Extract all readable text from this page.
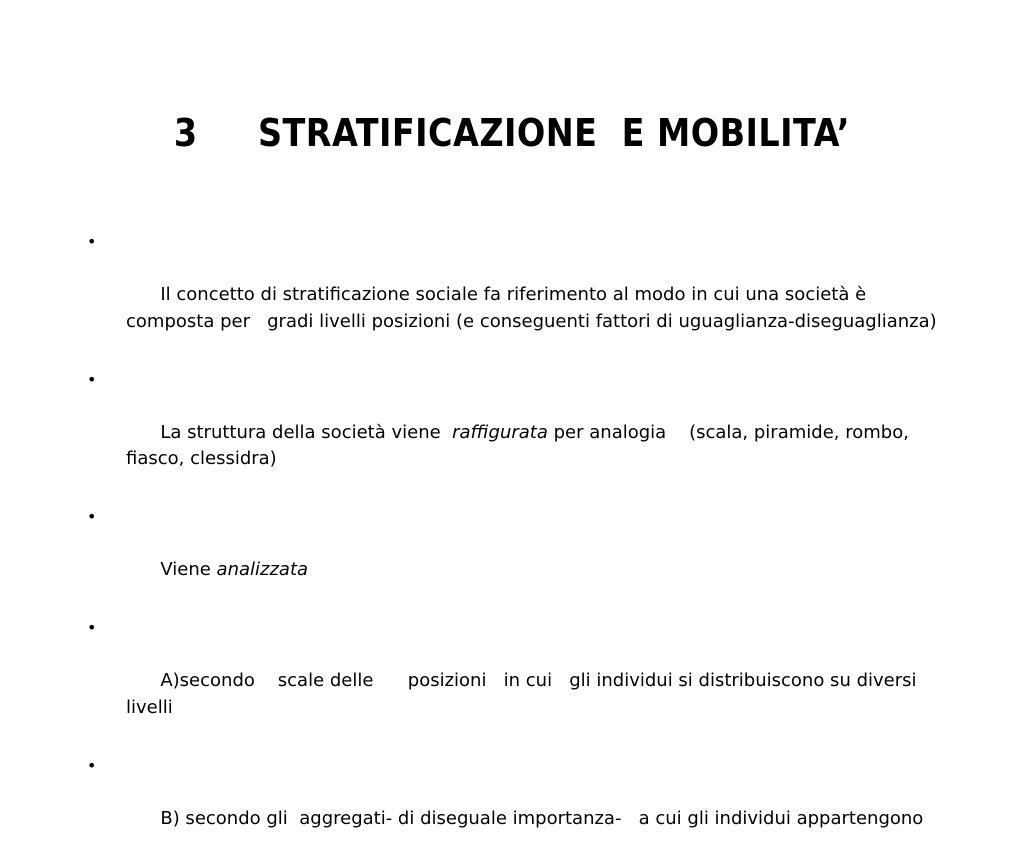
3     STRATIFICAZIONE  E MOBILITA’

•

Il concetto di stratificazione sociale fa riferimento al modo in cui una società è  composta per   gradi livelli posizioni (e conseguenti fattori di uguaglianza-diseguaglianza)

•

La struttura della società viene  raffigurata per analogia    (scala, piramide, rombo, fiasco, clessidra)

•

Viene analizzata

•

A)secondo    scale delle      posizioni   in cui   gli individui si distribuiscono su diversi  livelli

•

B) secondo gli  aggregati- di diseguale importanza-   a cui gli individui appartengono
